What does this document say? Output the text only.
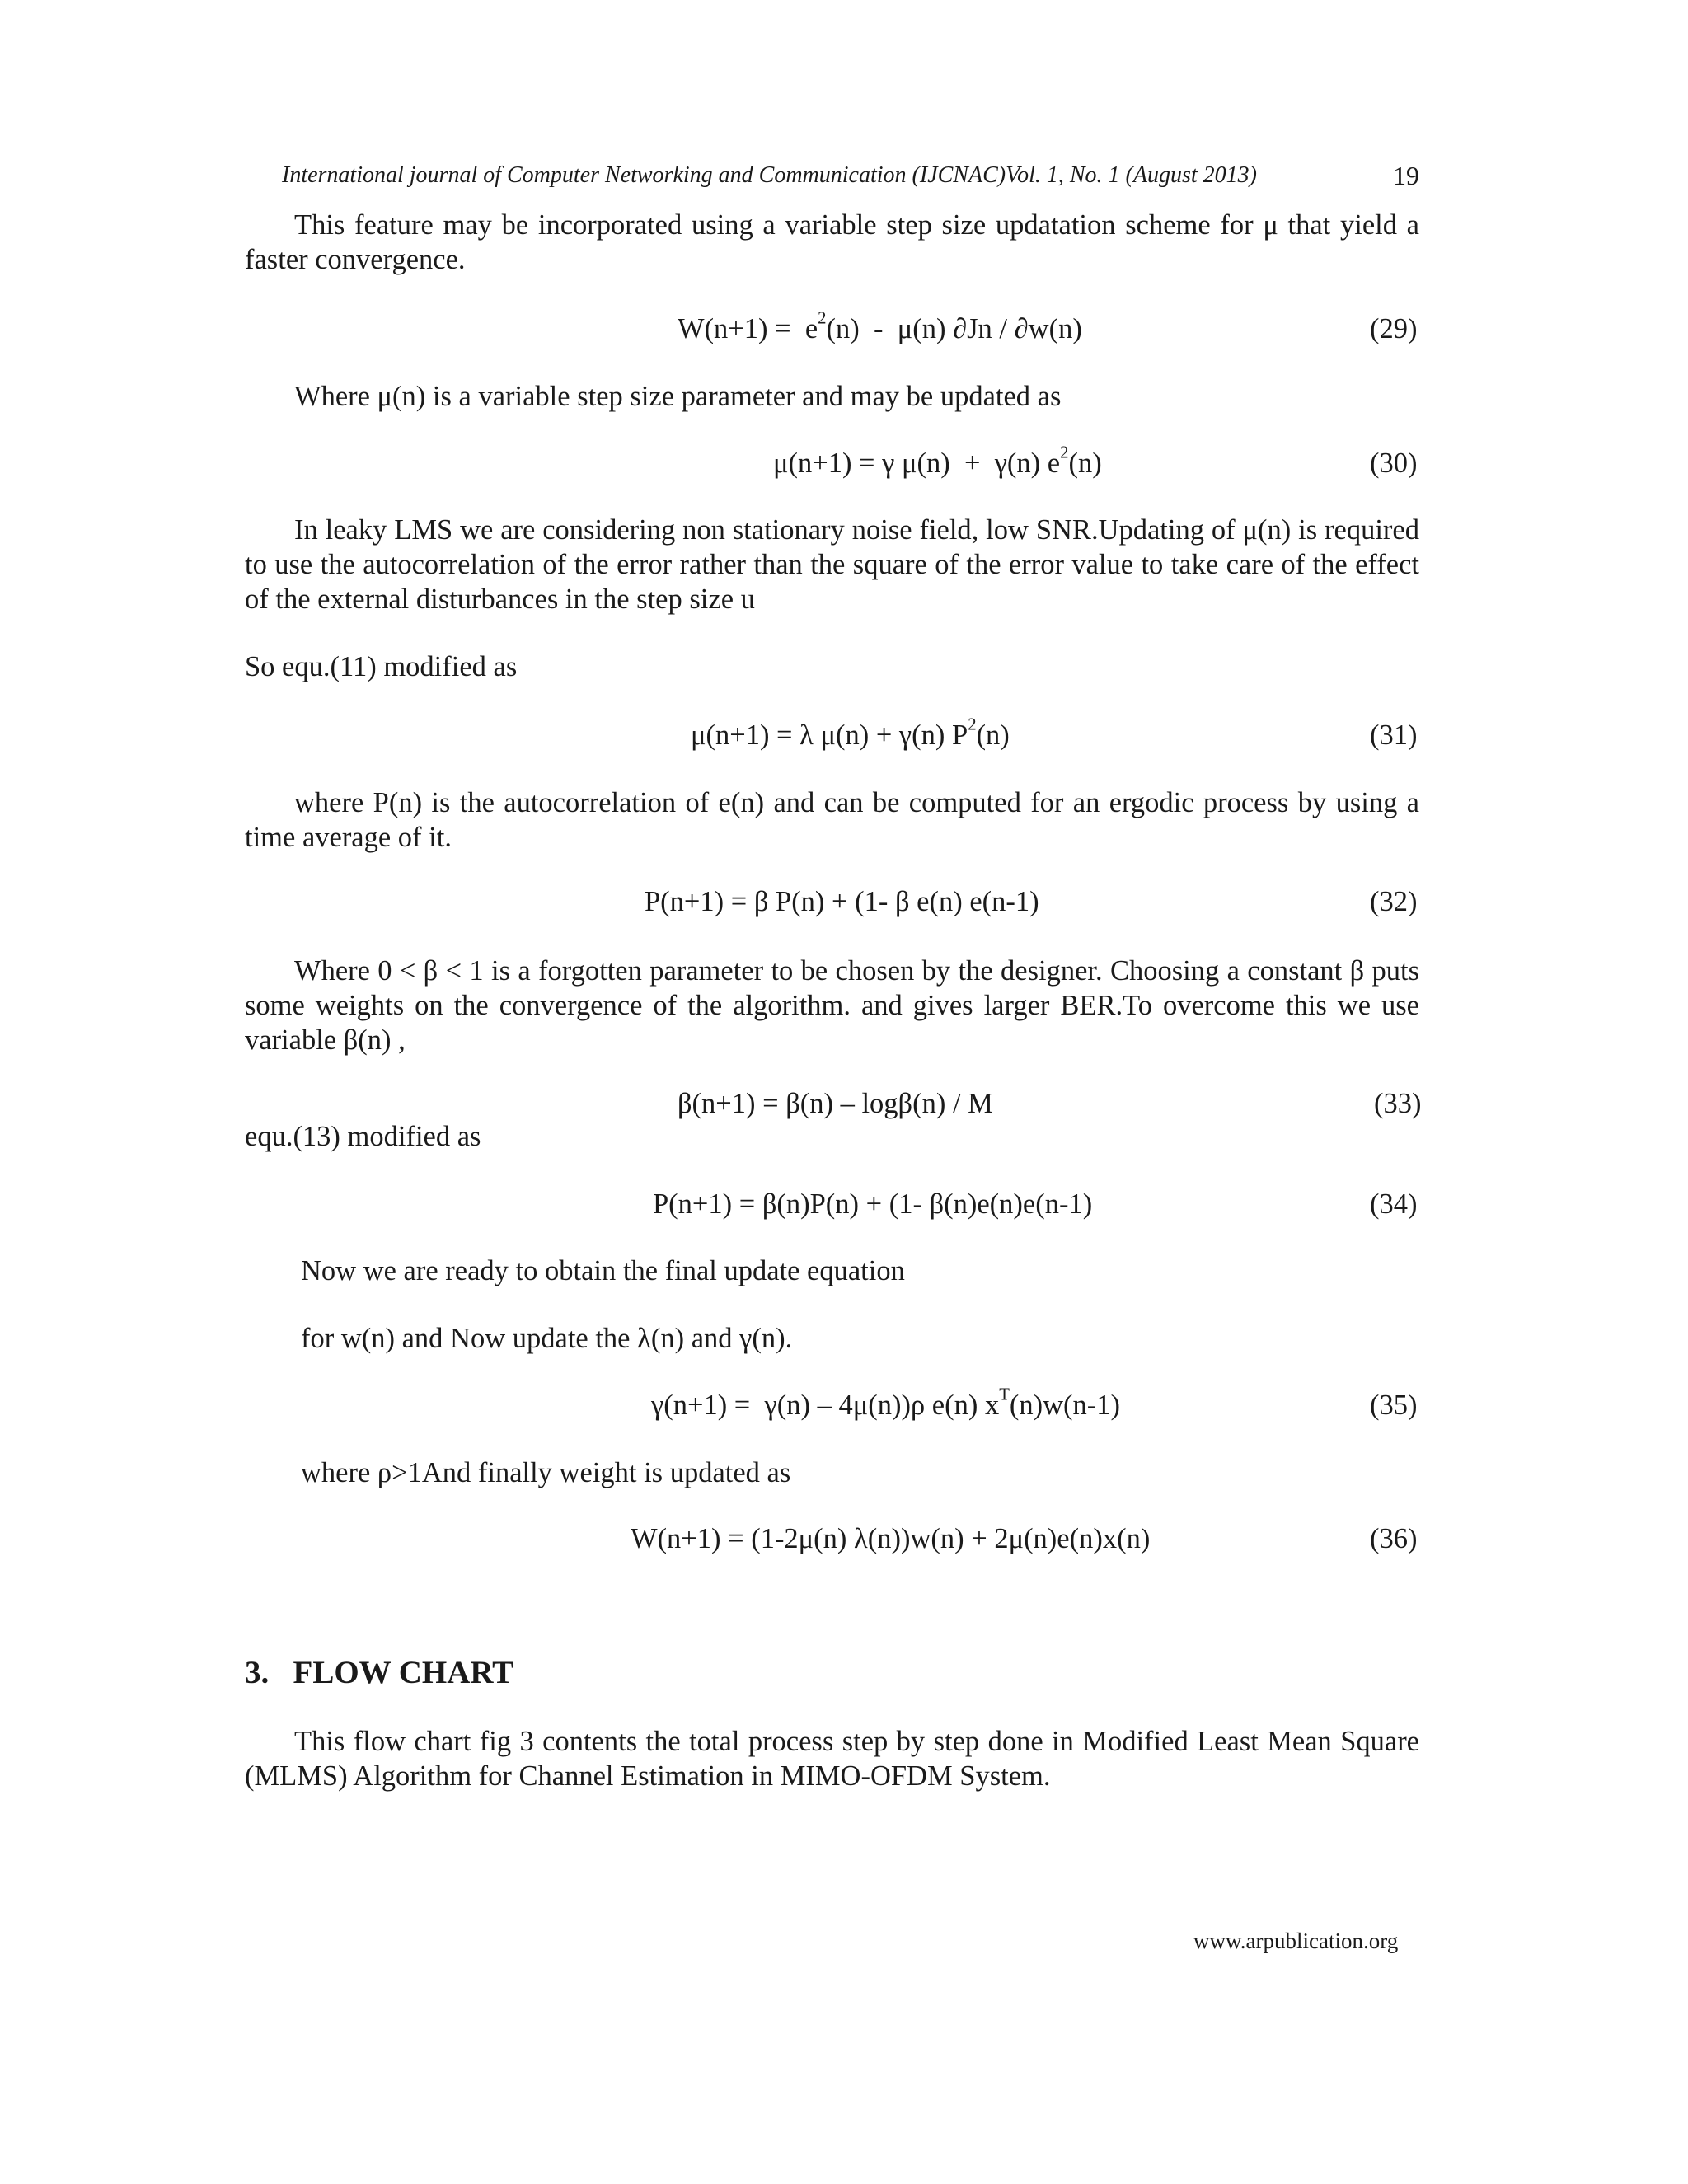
International journal of Computer Networking and Communication (IJCNAC)Vol. 1, No. 1 (August 2013)	19
This feature may be incorporated using a variable step size updatation scheme for μ that yield a faster convergence.
$W(n+1) = e^2(n) - \mu(n)$ ∂Jn / ∂w(n)	(29)
Where μ(n) is a variable step size parameter and may be updated as
μ(n+1) = γ μ(n)  +  γ(n) $e^2(n)$	(30)
In leaky LMS we are considering non stationary noise field, low SNR.Updating of μ(n) is required to use the autocorrelation of the error rather than the square of the error value to take care of the effect of the external disturbances in the step size u
So equ.(11) modified as
μ(n+1) = λ μ(n) + γ(n) $P^2(n)$	(31)
where P(n) is the autocorrelation of e(n) and can be computed for an ergodic process by using a time average of it.
P(n+1) = β P(n) + (1- β e(n) e(n-1)	(32)
Where 0 < β < 1 is a forgotten parameter to be chosen by the designer. Choosing a constant β puts some weights on the convergence of the algorithm. and gives larger BER.To overcome this we use variable β(n) ,
β(n+1) = β(n) – logβ(n) / M	(33)
equ.(13) modified as
P(n+1) = β(n)P(n) + (1- β(n)e(n)e(n-1)	(34)
Now we are ready to obtain the final update equation
for w(n) and Now update the λ(n) and γ(n).
γ(n+1) =  γ(n) – 4μ(n))ρ e(n) $x^T(n)w(n-1)$	(35)
where ρ>1And finally weight is updated as
W(n+1) = (1-2μ(n) λ(n))w(n) + 2μ(n)e(n)x(n)	(36)
3. FLOW CHART
This flow chart fig 3 contents the total process step by step done in Modified Least Mean Square (MLMS) Algorithm for Channel Estimation in MIMO-OFDM System.
www.arpublication.org
